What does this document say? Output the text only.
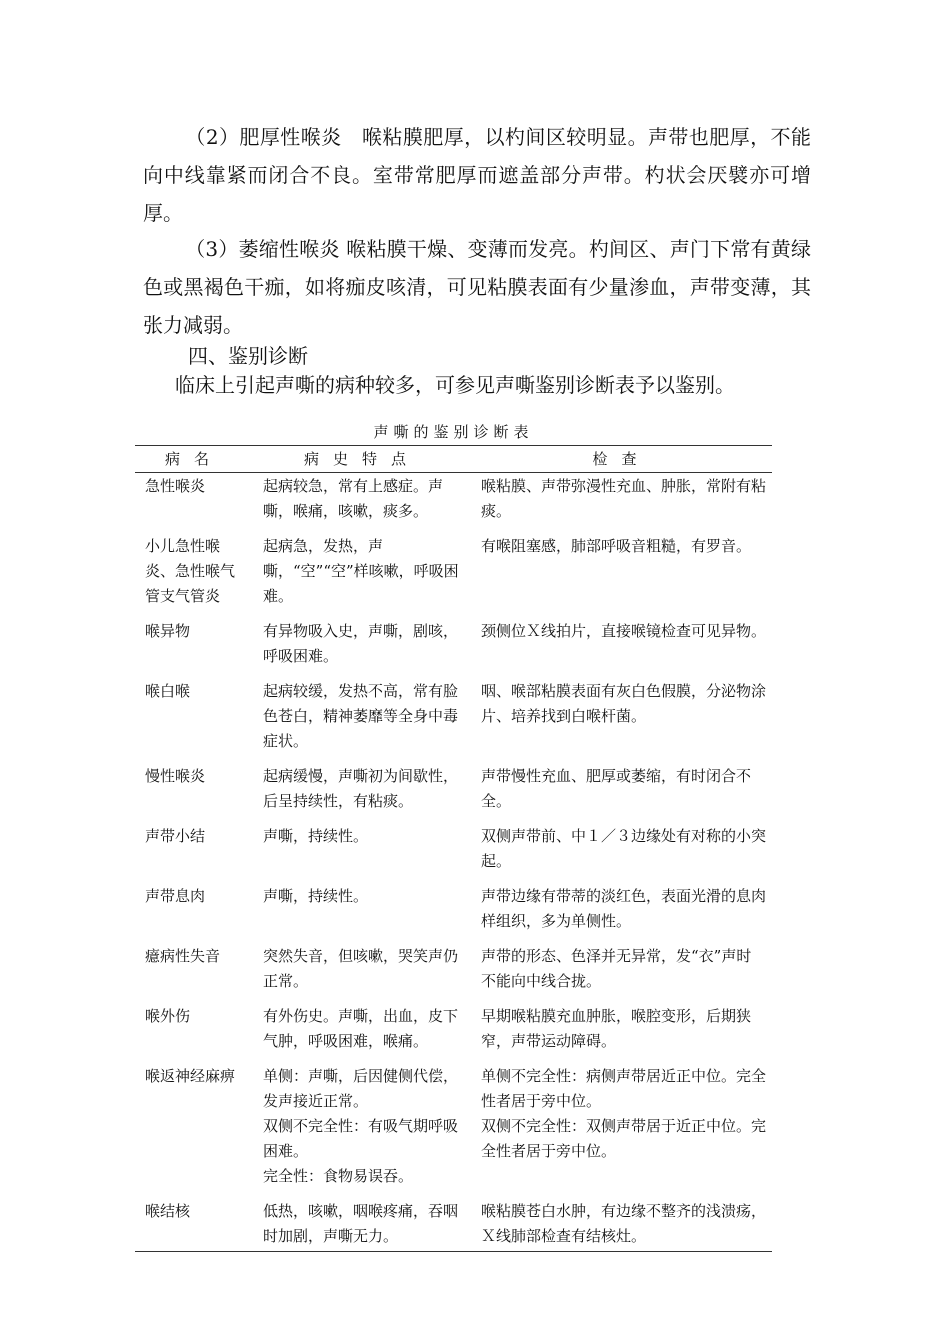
（2）肥厚性喉炎　喉粘膜肥厚，以杓间区较明显。声带也肥厚，不能向中线靠紧而闭合不良。室带常肥厚而遮盖部分声带。杓状会厌襞亦可增厚。
（3）萎缩性喉炎 喉粘膜干燥、变薄而发亮。杓间区、声门下常有黄绿色或黑褐色干痂，如将痂皮咳清，可见粘膜表面有少量渗血，声带变薄，其张力减弱。
四、鉴别诊断
临床上引起声嘶的病种较多，可参见声嘶鉴别诊断表予以鉴别。
声嘶的鉴别诊断表
病名	病史特点	检查
急性喉炎	起病较急，常有上感症。声嘶，喉痛，咳嗽，痰多。	喉粘膜、声带弥漫性充血、肿胀，常附有粘痰。

小儿急性喉炎、急性喉气管支气管炎	起病急，发热，声嘶，“空”“空”样咳嗽，呼吸困难。	有喉阻塞感，肺部呼吸音粗糙，有罗音。

喉异物	有异物吸入史，声嘶，剧咳，呼吸困难。	颈侧位Ｘ线拍片，直接喉镜检查可见异物。

喉白喉	起病较缓，发热不高，常有脸色苍白，精神萎靡等全身中毒症状。	咽、喉部粘膜表面有灰白色假膜，分泌物涂片、培养找到白喉杆菌。

慢性喉炎	起病缓慢，声嘶初为间歇性，后呈持续性，有粘痰。	声带慢性充血、肥厚或萎缩，有时闭合不全。

声带小结	声嘶，持续性。	双侧声带前、中１／３边缘处有对称的小突起。

声带息肉	声嘶，持续性。	声带边缘有带蒂的淡红色，表面光滑的息肉样组织，多为单侧性。

癔病性失音	突然失音，但咳嗽，哭笑声仍正常。	声带的形态、色泽并无异常，发“衣”声时不能向中线合拢。

喉外伤	有外伤史。声嘶，出血，皮下气肿，呼吸困难，喉痛。	早期喉粘膜充血肿胀，喉腔变形，后期狭窄，声带运动障碍。

喉返神经麻痹	单侧：声嘶，后因健侧代偿，发声接近正常。
双侧不完全性：有吸气期呼吸困难。
完全性：食物易误吞。	单侧不完全性：病侧声带居近正中位。完全性者居于旁中位。
双侧不完全性：双侧声带居于近正中位。完全性者居于旁中位。

喉结核	低热，咳嗽，咽喉疼痛，吞咽时加剧，声嘶无力。	喉粘膜苍白水肿，有边缘不整齐的浅溃疡，Ｘ线肺部检查有结核灶。
